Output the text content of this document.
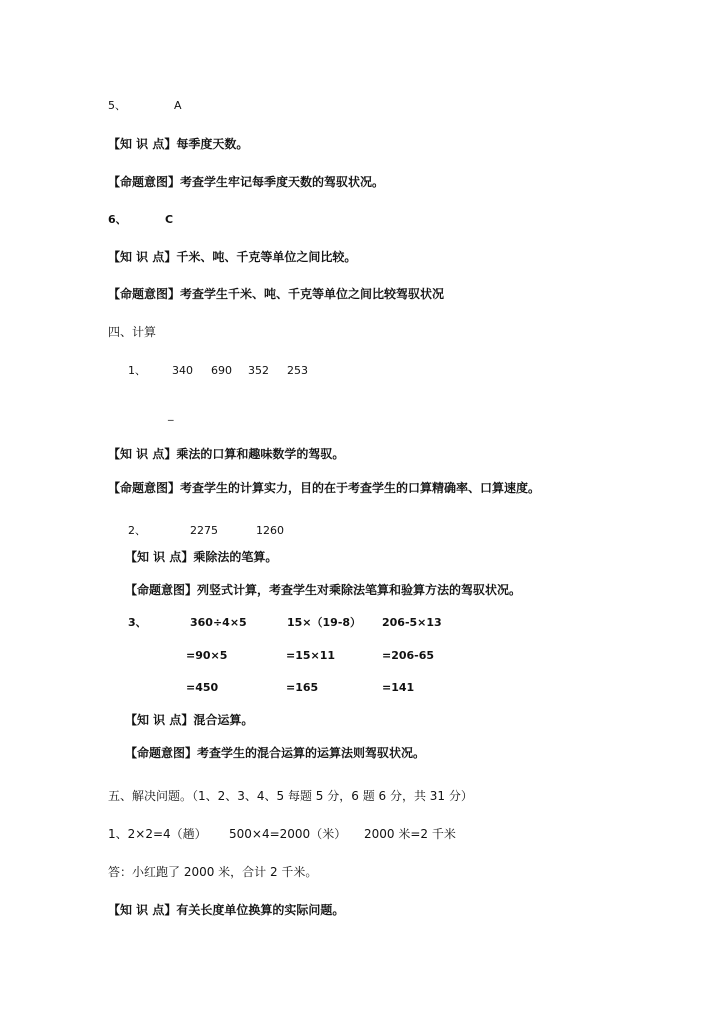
5、	A
【知 识 点】每季度天数。
【命题意图】考查学生牢记每季度天数的驾驭状况。
6、	C
【知 识 点】千米、吨、千克等单位之间比较。
【命题意图】考查学生千米、吨、千克等单位之间比较驾驭状况
四、计算
1、 340 690 352 253
_
【知 识 点】乘法的口算和趣味数学的驾驭。
【命题意图】考查学生的计算实力，目的在于考查学生的口算精确率、口算速度。
2、	2275	1260
【知 识 点】乘除法的笔算。
【命题意图】列竖式计算，考查学生对乘除法笔算和验算方法的驾驭状况。
3、	360÷4×5	15×（19-8） 206-5×13
=90×5	=15×11	=206-65
=450	=165	=141
【知 识 点】混合运算。
【命题意图】考查学生的混合运算的运算法则驾驭状况。
五、解决问题。（1、2、3、4、5 每题 5 分，6 题 6 分，共 31 分）
1、2×2=4（趟） 500×4=2000（米） 2000 米=2 千米
答：小红跑了 2000 米，合计 2 千米。
【知 识 点】有关长度单位换算的实际问题。
